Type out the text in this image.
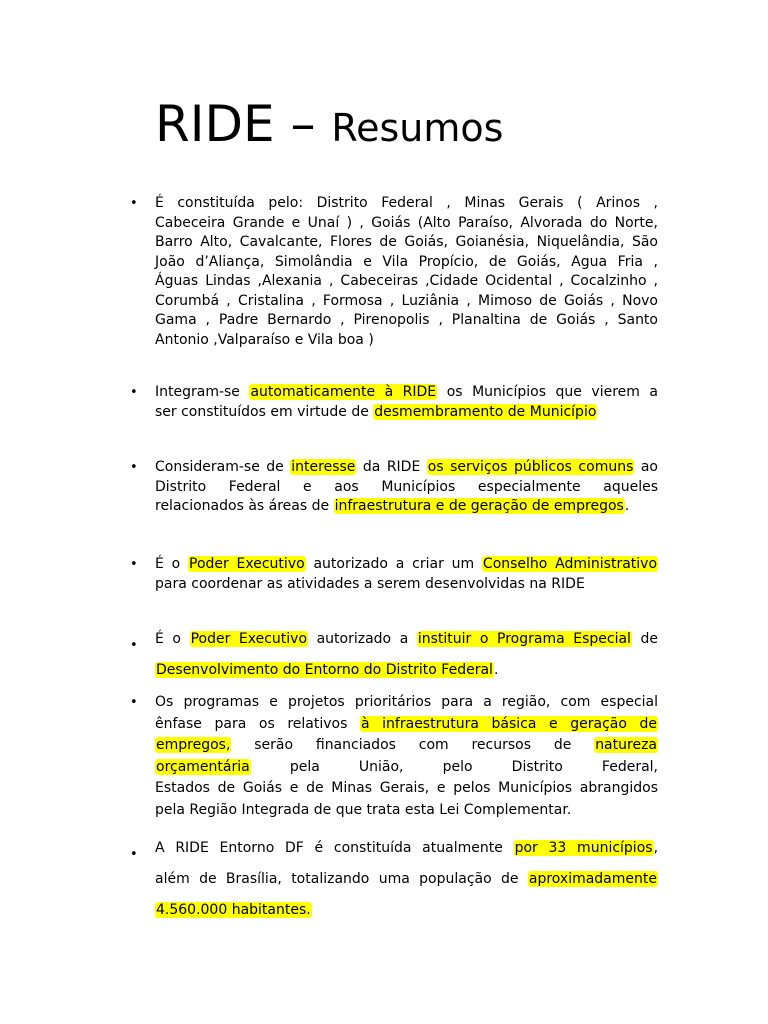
RIDE – Resumos
• É constituída pelo: Distrito Federal , Minas Gerais ( Arinos ,
Cabeceira Grande e Unaí ) , Goiás (Alto Paraíso, Alvorada do Norte,
Barro Alto, Cavalcante, Flores de Goiás, Goianésia, Niquelândia, São
João d’Aliança, Simolândia e Vila Propício, de Goiás, Agua Fria ,
Águas Lindas ,Alexania , Cabeceiras ,Cidade Ocidental , Cocalzinho ,
Corumbá , Cristalina , Formosa , Luziânia , Mimoso de Goiás , Novo
Gama , Padre Bernardo , Pirenopolis , Planaltina de Goiás , Santo
Antonio ,Valparaíso e Vila boa )
• Integram-se automaticamente à RIDE os Municípios que vierem a
ser constituídos em virtude de desmembramento de Município
• Consideram-se de interesse da RIDE os serviços públicos comuns ao
Distrito Federal e aos Municípios especialmente aqueles
relacionados às áreas de infraestrutura e de geração de empregos.
• É o Poder Executivo autorizado a criar um Conselho Administrativo
para coordenar as atividades a serem desenvolvidas na RIDE
• É o Poder Executivo autorizado a instituir o Programa Especial de
Desenvolvimento do Entorno do Distrito Federal.
• Os programas e projetos prioritários para a região, com especial
ênfase para os relativos à infraestrutura básica e geração de
empregos, serão financiados com recursos de natureza
orçamentária pela União, pelo Distrito Federal,
Estados de Goiás e de Minas Gerais, e pelos Municípios abrangidos
pela Região Integrada de que trata esta Lei Complementar.
• A RIDE Entorno DF é constituída atualmente por 33 municípios,
além de Brasília, totalizando uma população de aproximadamente
4.560.000 habitantes.
